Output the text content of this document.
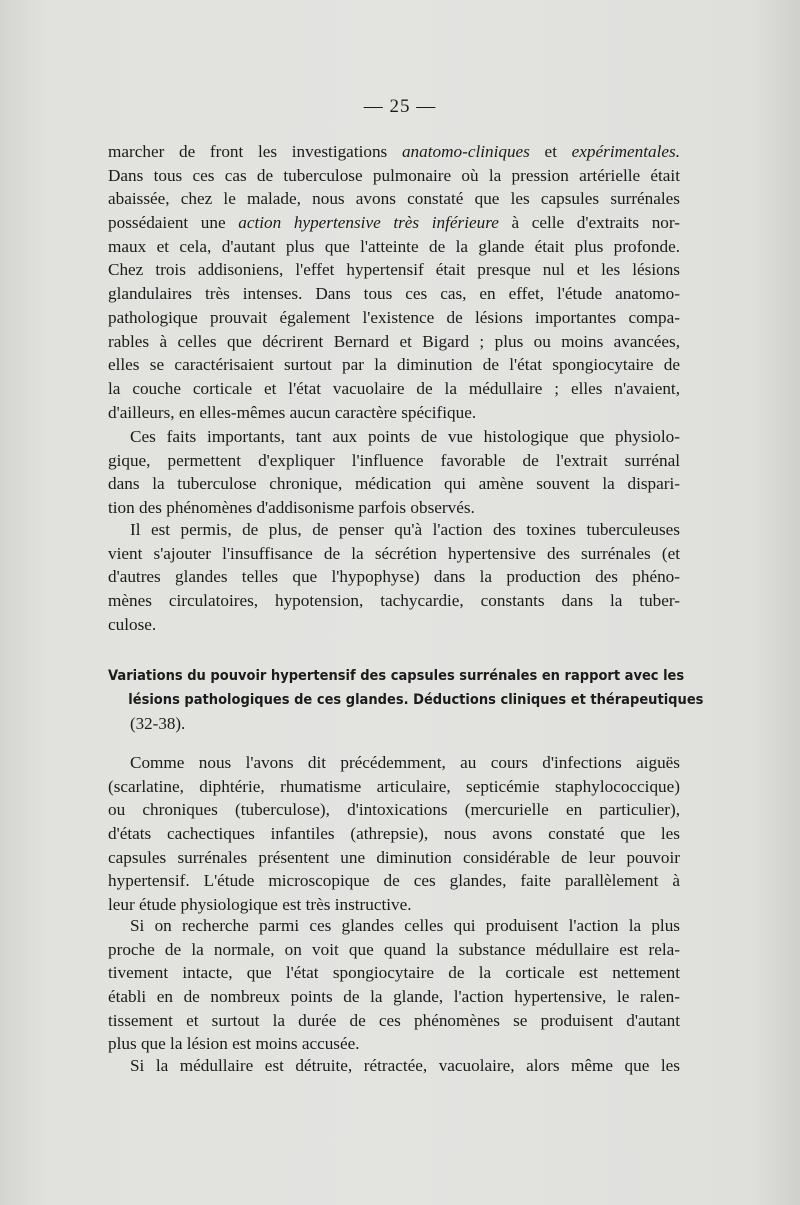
— 25 —
marcher de front les investigations anatomo-cliniques et expérimentales.
Dans tous ces cas de tuberculose pulmonaire où la pression artérielle était
abaissée, chez le malade, nous avons constaté que les capsules surrénales
possédaient une action hypertensive très inférieure à celle d'extraits nor-
maux et cela, d'autant plus que l'atteinte de la glande était plus profonde.
Chez trois addisoniens, l'effet hypertensif était presque nul et les lésions
glandulaires très intenses. Dans tous ces cas, en effet, l'étude anatomo-
pathologique prouvait également l'existence de lésions importantes compa-
rables à celles que décrirent Bernard et Bigard ; plus ou moins avancées,
elles se caractérisaient surtout par la diminution de l'état spongiocytaire de
la couche corticale et l'état vacuolaire de la médullaire ; elles n'avaient,
d'ailleurs, en elles-mêmes aucun caractère spécifique.
Ces faits importants, tant aux points de vue histologique que physiolo-
gique, permettent d'expliquer l'influence favorable de l'extrait surrénal
dans la tuberculose chronique, médication qui amène souvent la dispari-
tion des phénomènes d'addisonisme parfois observés.
Il est permis, de plus, de penser qu'à l'action des toxines tuberculeuses
vient s'ajouter l'insuffisance de la sécrétion hypertensive des surrénales (et
d'autres glandes telles que l'hypophyse) dans la production des phéno-
mènes circulatoires, hypotension, tachycardie, constants dans la tuber-
culose.
Variations du pouvoir hypertensif des capsules surrénales en rapport avec les
lésions pathologiques de ces glandes. Déductions cliniques et thérapeutiques
(32-38).
Comme nous l'avons dit précédemment, au cours d'infections aiguës
(scarlatine, diphtérie, rhumatisme articulaire, septicémie staphylococcique)
ou chroniques (tuberculose), d'intoxications (mercurielle en particulier),
d'états cachectiques infantiles (athrepsie), nous avons constaté que les
capsules surrénales présentent une diminution considérable de leur pouvoir
hypertensif. L'étude microscopique de ces glandes, faite parallèlement à
leur étude physiologique est très instructive.
Si on recherche parmi ces glandes celles qui produisent l'action la plus
proche de la normale, on voit que quand la substance médullaire est rela-
tivement intacte, que l'état spongiocytaire de la corticale est nettement
établi en de nombreux points de la glande, l'action hypertensive, le ralen-
tissement et surtout la durée de ces phénomènes se produisent d'autant
plus que la lésion est moins accusée.
Si la médullaire est détruite, rétractée, vacuolaire, alors même que les
